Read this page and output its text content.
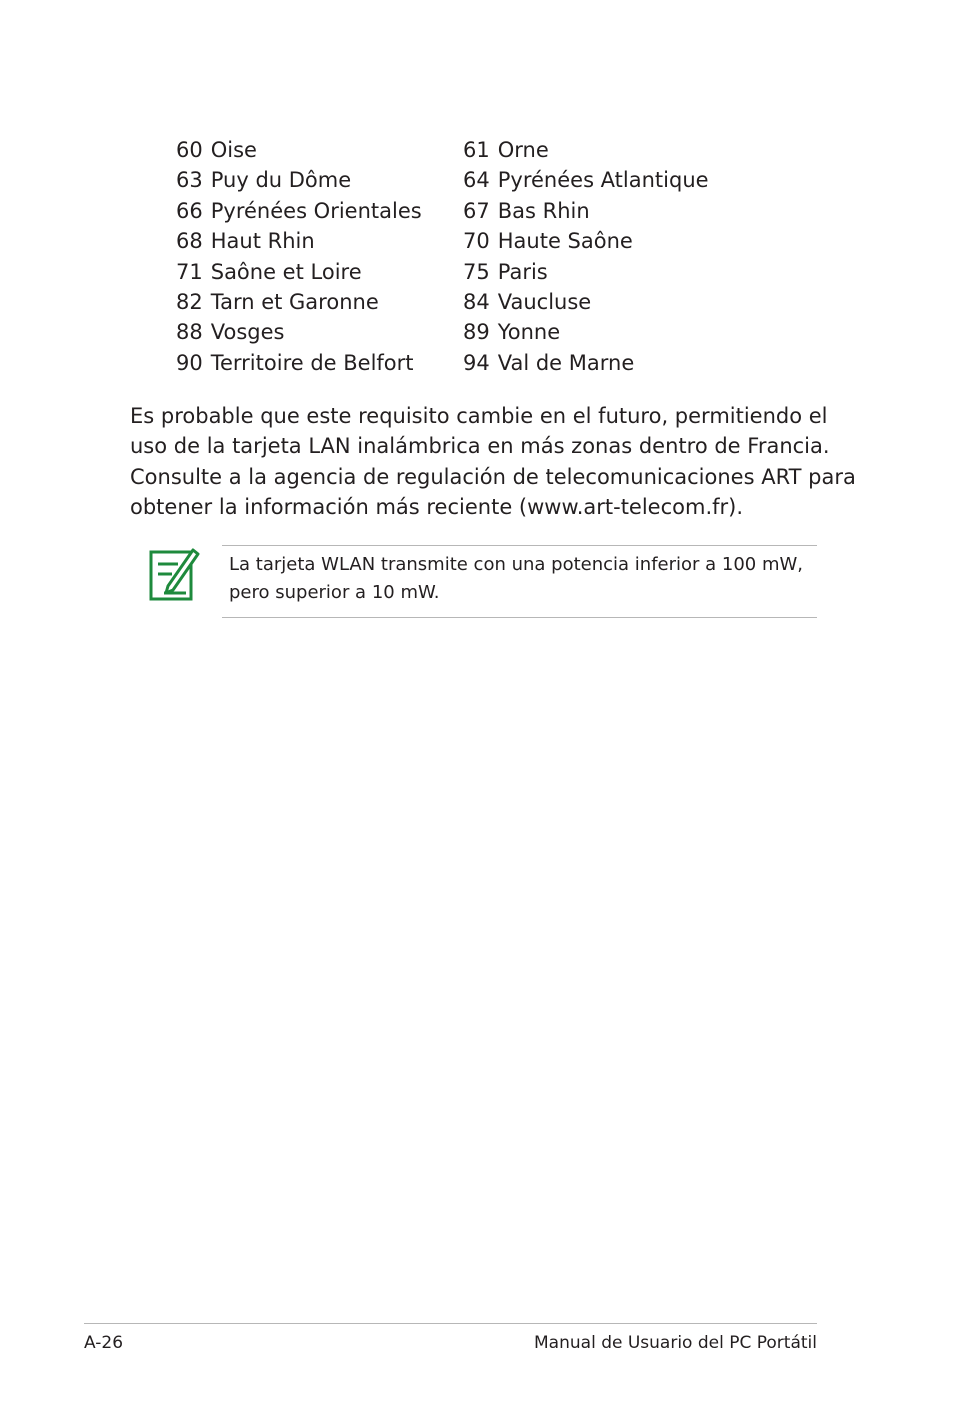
60 Oise	61 Orne
63 Puy du Dôme	64 Pyrénées Atlantique
66 Pyrénées Orientales 67 Bas Rhin
68 Haut Rhin	70 Haute Saône
71 Saône et Loire	75 Paris
82 Tarn et Garonne	84 Vaucluse
88 Vosges	89 Yonne
90 Territoire de Belfort 94 Val de Marne
Es probable que este requisito cambie en el futuro, permitiendo el
uso de la tarjeta LAN inalámbrica en más zonas dentro de Francia.
Consulte a la agencia de regulación de telecomunicaciones ART para
obtener la información más reciente (www.art-telecom.fr).
La tarjeta WLAN transmite con una potencia inferior a 100 mW,
pero superior a 10 mW.
A-26	Manual de Usuario del PC Portátil
